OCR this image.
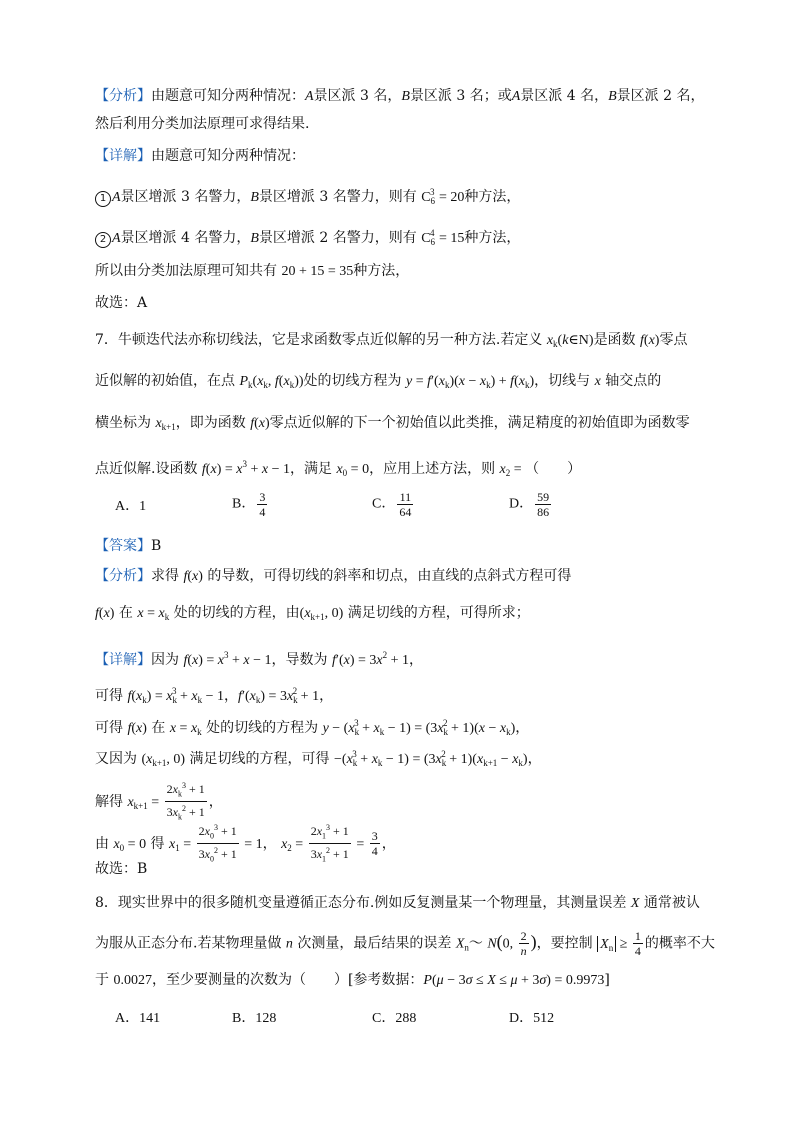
【分析】由题意可知分两种情况：A景区派 3 名，B景区派 3 名；或A景区派 4 名，B景区派 2 名，
然后利用分类加法原理可求得结果.
【详解】由题意可知分两种情况：
1 A景区增派 3 名警力，B景区增派 3 名警力，则有 $C_6^3 = 20$种方法，
2 A景区增派 4 名警力，B景区增派 2 名警力，则有 $C_6^4 = 15$种方法，
所以由分类加法原理可知共有 20 + 15 = 35种方法，
故选：A
7．牛顿迭代法亦称切线法，它是求函数零点近似解的另一种方法.若定义 $x_k(k\in N)$是函数 f(x)零点
近似解的初始值，在点 $P_k(x_k$, $f(x_k)$)处的切线方程为 $y = f'(x_k)(x - x_k) + f(x_k)$，切线与 x 轴交点的
横坐标为 $x_{k+1}$，即为函数 f(x)零点近似解的下一个初始值以此类推，满足精度的初始值即为函数零
点近似解.设函数 $f(x) = x^3 + x - 1$，满足 $x_0 = 0$，应用上述方法，则 $x_2$ = （　　）
A．1	B． $\frac{3}{4}$	C． $\frac{11}{64}$	D． $\frac{59}{86}$
【答案】B
【分析】求得 f(x) 的导数，可得切线的斜率和切点，由直线的点斜式方程可得
f(x) 在 $x = x_k$ 处的切线的方程，由($x_{k+1}$, 0) 满足切线的方程，可得所求；
【详解】因为 $f(x) = x^3 + x - 1$，导数为 $f'(x) = 3x^2 + 1$，
可得 $f(x_k) = x_k^3 + x_k - 1$，$f'(x_k) = 3x_k^2 + 1$，
可得 f(x) 在 $x = x_k$ 处的切线的方程为 $y - (x_k^3 + x_k - 1) = (3x_k^2 + 1)(x - x_k)$，
又因为 ($x_{k+1}$, 0) 满足切线的方程，可得 $-(x_k^3 + x_k - 1) = (3x_k^2 + 1)(x_{k+1} - x_k)$，
解得 $x_{k+1} = \frac{2x_k^3 + 1}{3x_k^2 + 1}$ ，
由 $x_0 = 0$ 得 $x_1 = \frac{2x_0^3 + 1}{3x_0^2 + 1} = 1$， $x_2 = \frac{2x_1^3 + 1}{3x_1^2 + 1} = \frac{3}{4}$ ，
故选：B
8．现实世界中的很多随机变量遵循正态分布.例如反复测量某一个物理量，其测量误差 X 通常被认
为服从正态分布.若某物理量做 n 次测量，最后结果的误差 $X_n\sim$ N(0, $\frac{2}{n}$ )，要控制 $X_n \ge \frac{1}{4}$ 的概率不大
于 0.0027，至少要测量的次数为（　　）[参考数据：P(μ − 3σ ≤ X ≤ μ + 3σ) = 0.9973]
A．141	B．128	C．288	D．512
